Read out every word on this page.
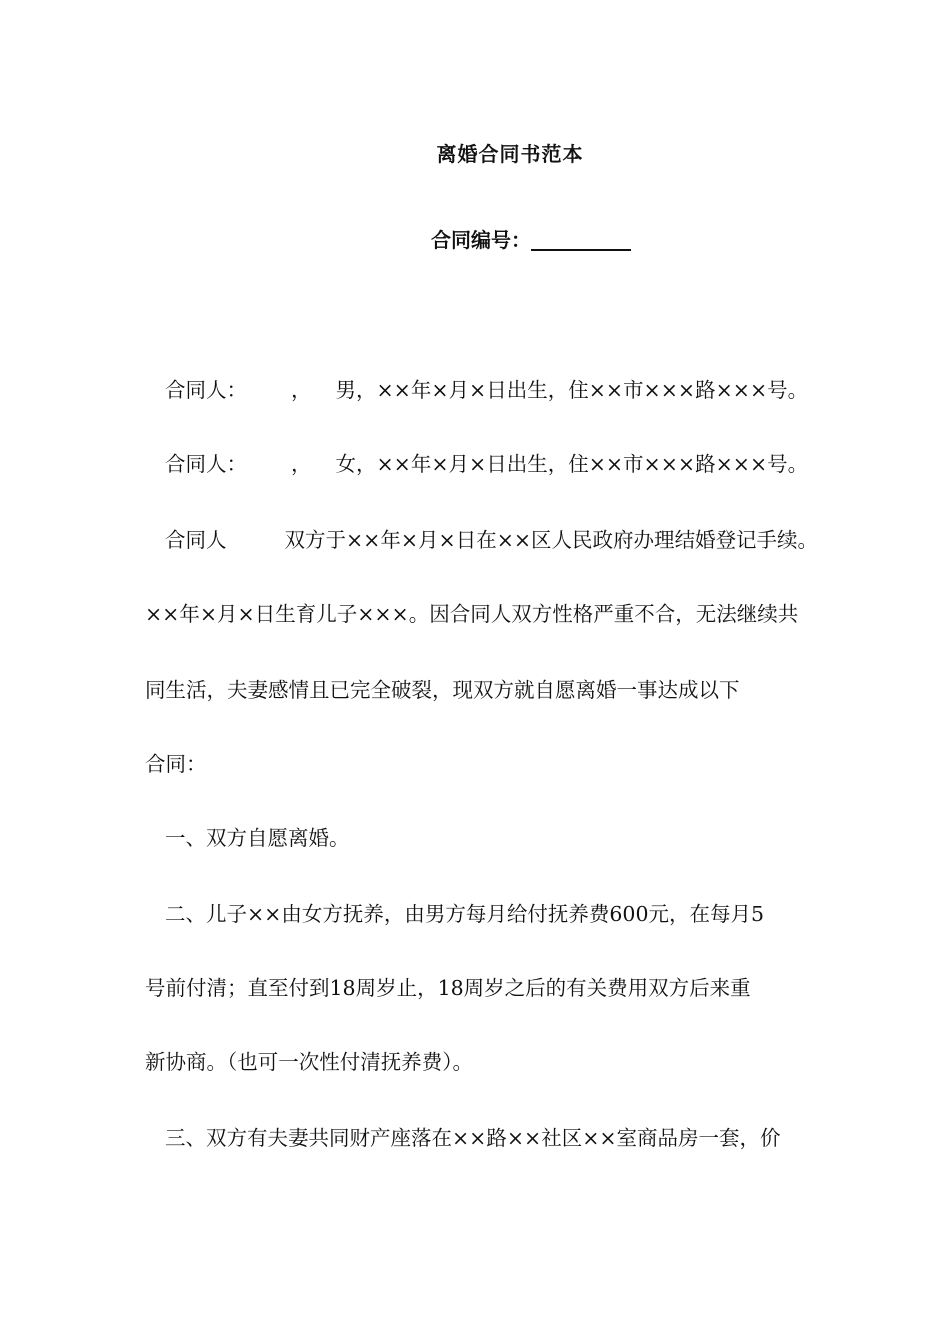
离婚合同书范本
合同编号：
合同人： ， 男，××年×月×日出生，住××市×××路×××号。
合同人： ， 女，××年×月×日出生，住××市×××路×××号。
合同人	双方于××年×月×日在××区人民政府办理结婚登记手续。
××年×月×日生育儿子×××。因合同人双方性格严重不合，无法继续共
同生活，夫妻感情且已完全破裂，现双方就自愿离婚一事达成以下
合同：
一、双方自愿离婚。
二、儿子××由女方抚养，由男方每月给付抚养费600元，在每月5
号前付清；直至付到18周岁止，18周岁之后的有关费用双方后来重
新协商。（也可一次性付清抚养费）。
三、双方有夫妻共同财产座落在××路××社区××室商品房一套，价
